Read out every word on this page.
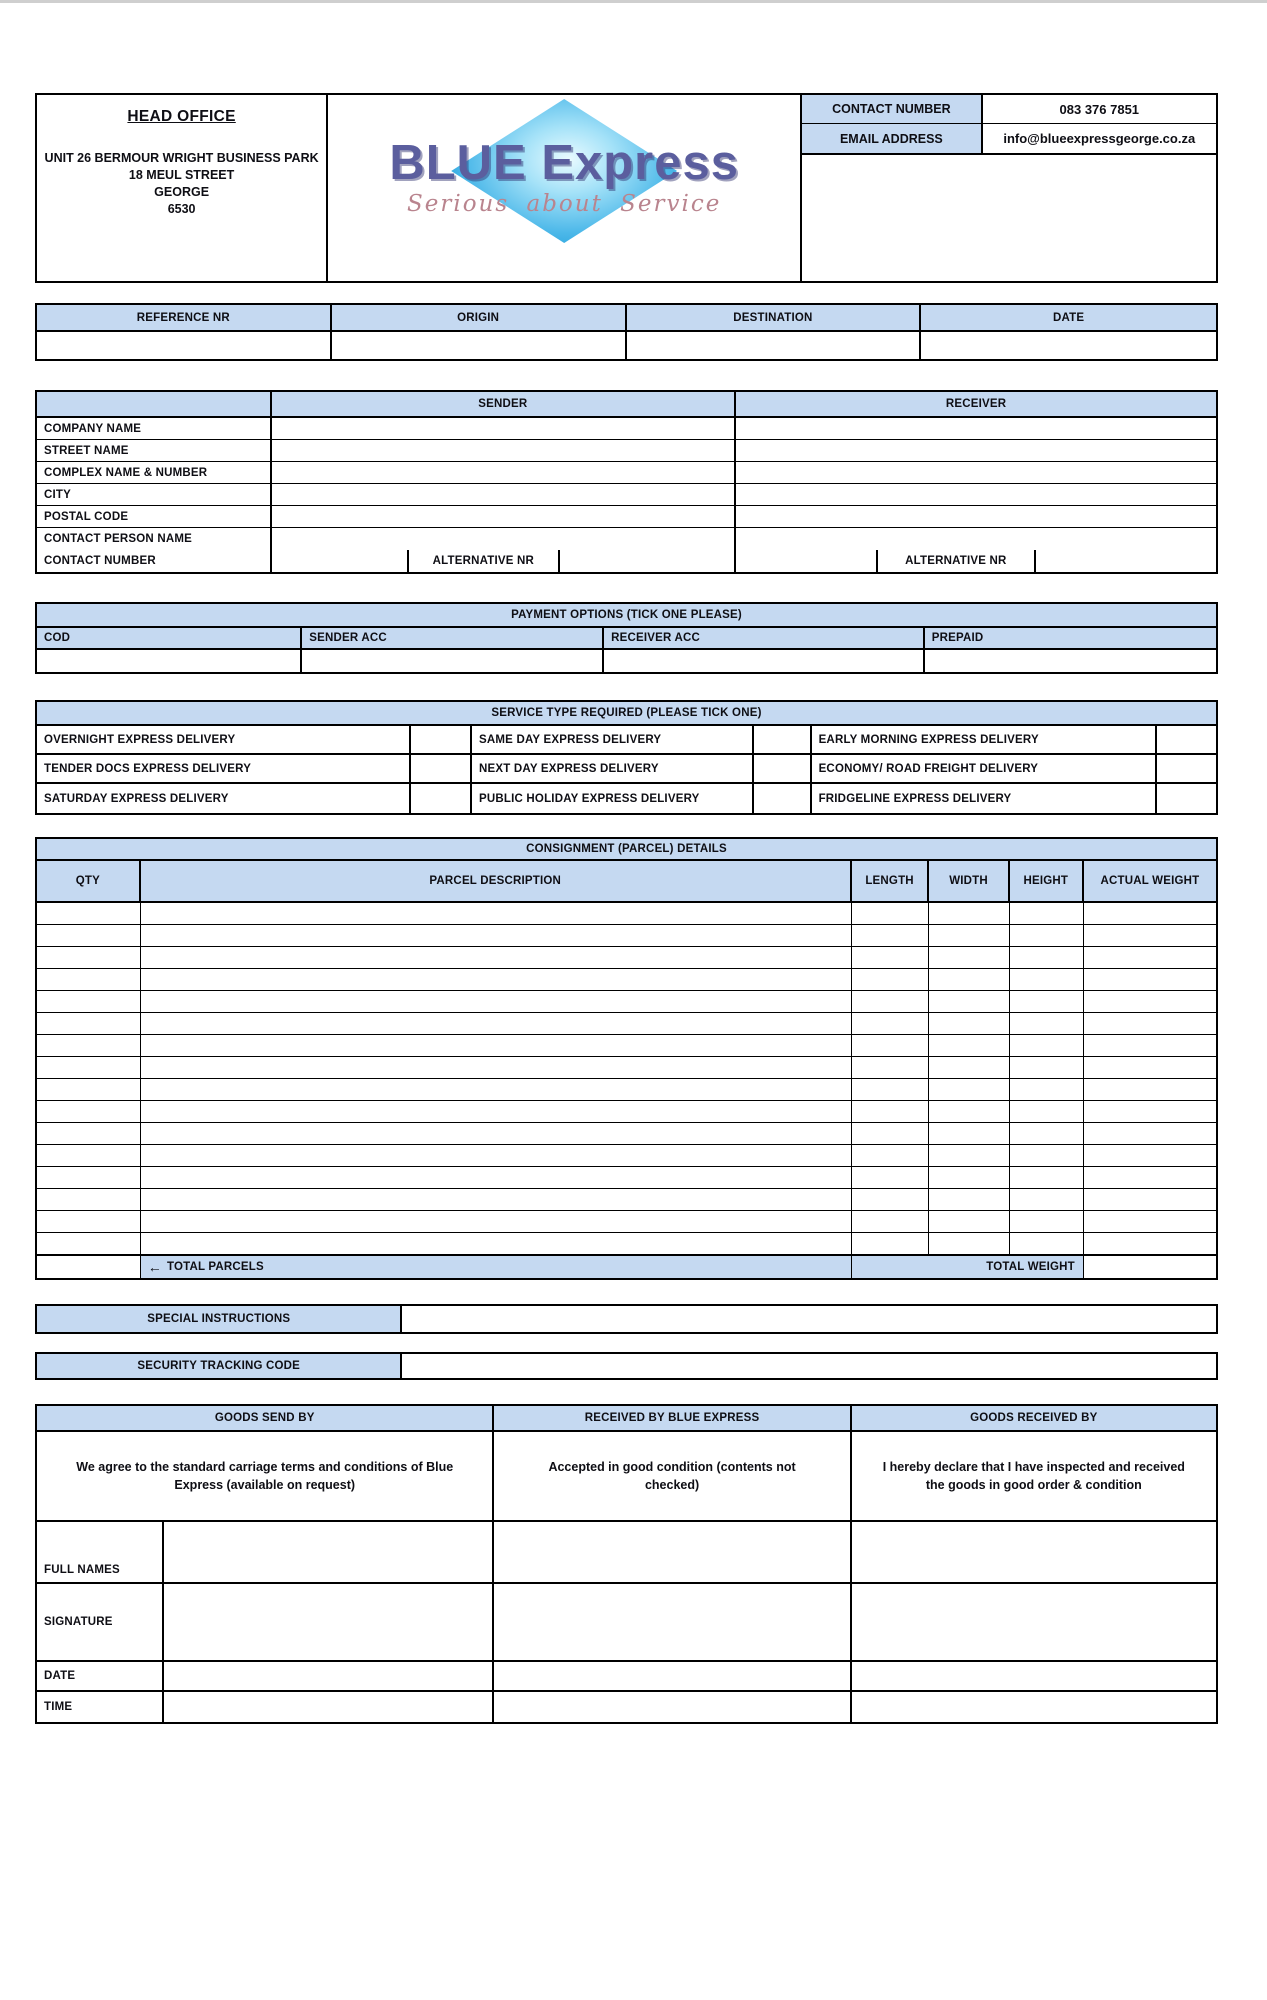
HEAD OFFICE
UNIT 26 BERMOUR WRIGHT BUSINESS PARK
18 MEUL STREET
GEORGE
6530
BLUE Express
Serious about Service
CONTACT NUMBER	083 376 7851
EMAIL ADDRESS	info@blueexpressgeorge.co.za
REFERENCE NR	ORIGIN	DESTINATION	DATE
SENDER	RECEIVER
COMPANY NAME
STREET NAME
COMPLEX NAME & NUMBER
CITY
POSTAL CODE
CONTACT PERSON NAME
CONTACT NUMBER	ALTERNATIVE NR	ALTERNATIVE NR
PAYMENT OPTIONS (TICK ONE PLEASE)
COD	SENDER ACC	RECEIVER ACC	PREPAID
SERVICE TYPE REQUIRED (PLEASE TICK ONE)
OVERNIGHT EXPRESS DELIVERY	SAME DAY EXPRESS DELIVERY	EARLY MORNING EXPRESS DELIVERY
TENDER DOCS EXPRESS DELIVERY	NEXT DAY EXPRESS DELIVERY	ECONOMY/ ROAD FREIGHT DELIVERY
SATURDAY EXPRESS DELIVERY	PUBLIC HOLIDAY EXPRESS DELIVERY	FRIDGELINE EXPRESS DELIVERY
CONSIGNMENT (PARCEL) DETAILS
QTY	PARCEL DESCRIPTION	LENGTH	WIDTH	HEIGHT	ACTUAL WEIGHT
← TOTAL PARCELS	TOTAL WEIGHT
SPECIAL INSTRUCTIONS
SECURITY TRACKING CODE
GOODS SEND BY	RECEIVED BY BLUE EXPRESS	GOODS RECEIVED BY
We agree to the standard carriage terms and conditions of Blue Express (available on request)
Accepted in good condition (contents not checked)
I hereby declare that I have inspected and received the goods in good order & condition
FULL NAMES
SIGNATURE
DATE
TIME
